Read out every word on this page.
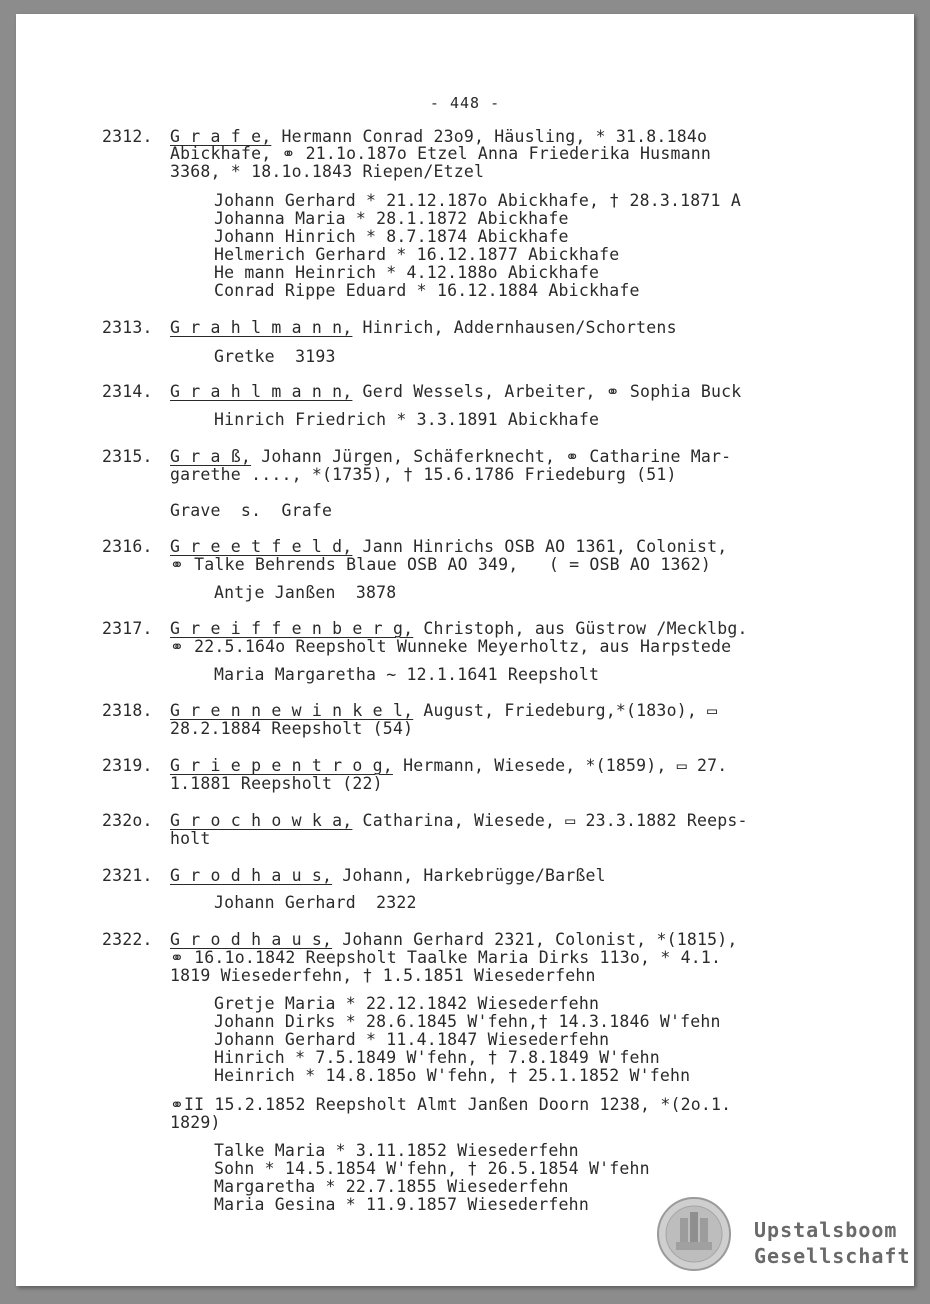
- 448 -
2312. G r a f e, Hermann Conrad 23o9, Häusling, * 31.8.184o
Abickhafe, ⚭ 21.1o.187o Etzel Anna Friederika Husmann
3368, * 18.1o.1843 Riepen/Etzel
Johann Gerhard * 21.12.187o Abickhafe, † 28.3.1871 A
Johanna Maria * 28.1.1872 Abickhafe
Johann Hinrich * 8.7.1874 Abickhafe
Helmerich Gerhard * 16.12.1877 Abickhafe
He mann Heinrich * 4.12.188o Abickhafe
Conrad Rippe Eduard * 16.12.1884 Abickhafe
2313. G r a h l m a n n, Hinrich, Addernhausen/Schortens
Gretke  3193
2314. G r a h l m a n n, Gerd Wessels, Arbeiter, ⚭ Sophia Buck
Hinrich Friedrich * 3.3.1891 Abickhafe
2315. G r a ß, Johann Jürgen, Schäferknecht, ⚭ Catharine Mar-
garethe ...., *(1735), † 15.6.1786 Friedeburg (51)
Grave  s.  Grafe
2316. G r e e t f e l d, Jann Hinrichs OSB AO 1361, Colonist,
⚭ Talke Behrends Blaue OSB AO 349,   ( = OSB AO 1362)
Antje Janßen  3878
2317. G r e i f f e n b e r g, Christoph, aus Güstrow /Mecklbg.
⚭ 22.5.164o Reepsholt Wunneke Meyerholtz, aus Harpstede
Maria Margaretha ~ 12.1.1641 Reepsholt
2318. G r e n n e w i n k e l, August, Friedeburg,*(183o), ▭
28.2.1884 Reepsholt (54)
2319. G r i e p e n t r o g, Hermann, Wiesede, *(1859), ▭ 27.
1.1881 Reepsholt (22)
232o. G r o c h o w k a, Catharina, Wiesede, ▭ 23.3.1882 Reeps-
holt
2321. G r o d h a u s, Johann, Harkebrügge/Barßel
Johann Gerhard  2322
2322. G r o d h a u s, Johann Gerhard 2321, Colonist, *(1815),
⚭ 16.1o.1842 Reepsholt Taalke Maria Dirks 113o, * 4.1.
1819 Wiesederfehn, † 1.5.1851 Wiesederfehn
Gretje Maria * 22.12.1842 Wiesederfehn
Johann Dirks * 28.6.1845 W'fehn,† 14.3.1846 W'fehn
Johann Gerhard * 11.4.1847 Wiesederfehn
Hinrich * 7.5.1849 W'fehn, † 7.8.1849 W'fehn
Heinrich * 14.8.185o W'fehn, † 25.1.1852 W'fehn
⚭II 15.2.1852 Reepsholt Almt Janßen Doorn 1238, *(2o.1.
1829)
Talke Maria * 3.11.1852 Wiesederfehn
Sohn * 14.5.1854 W'fehn, † 26.5.1854 W'fehn
Margaretha * 22.7.1855 Wiesederfehn
Maria Gesina * 11.9.1857 Wiesederfehn
Upstalsboom
Gesellschaft
